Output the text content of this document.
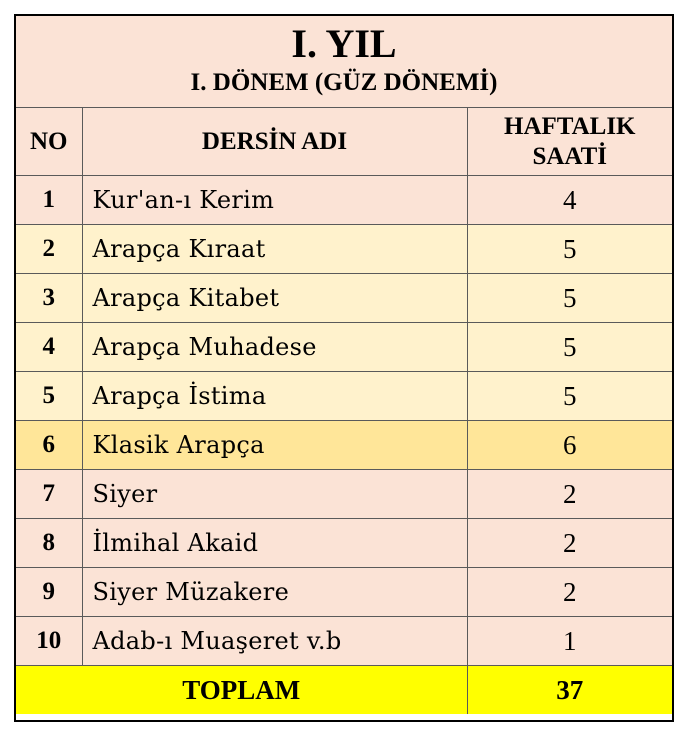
I. YIL
I. DÖNEM (GÜZ DÖNEMİ)
NO	DERSİN ADI	HAFTALIK
SAATİ
1	Kur'an-ı Kerim	4
2	Arapça Kıraat	5
3	Arapça Kitabet	5
4	Arapça Muhadese	5
5	Arapça İstima	5
6	Klasik Arapça	6
7	Siyer	2
8	İlmihal Akaid	2
9	Siyer Müzakere	2
10	Adab-ı Muaşeret v.b	1
TOPLAM		37
